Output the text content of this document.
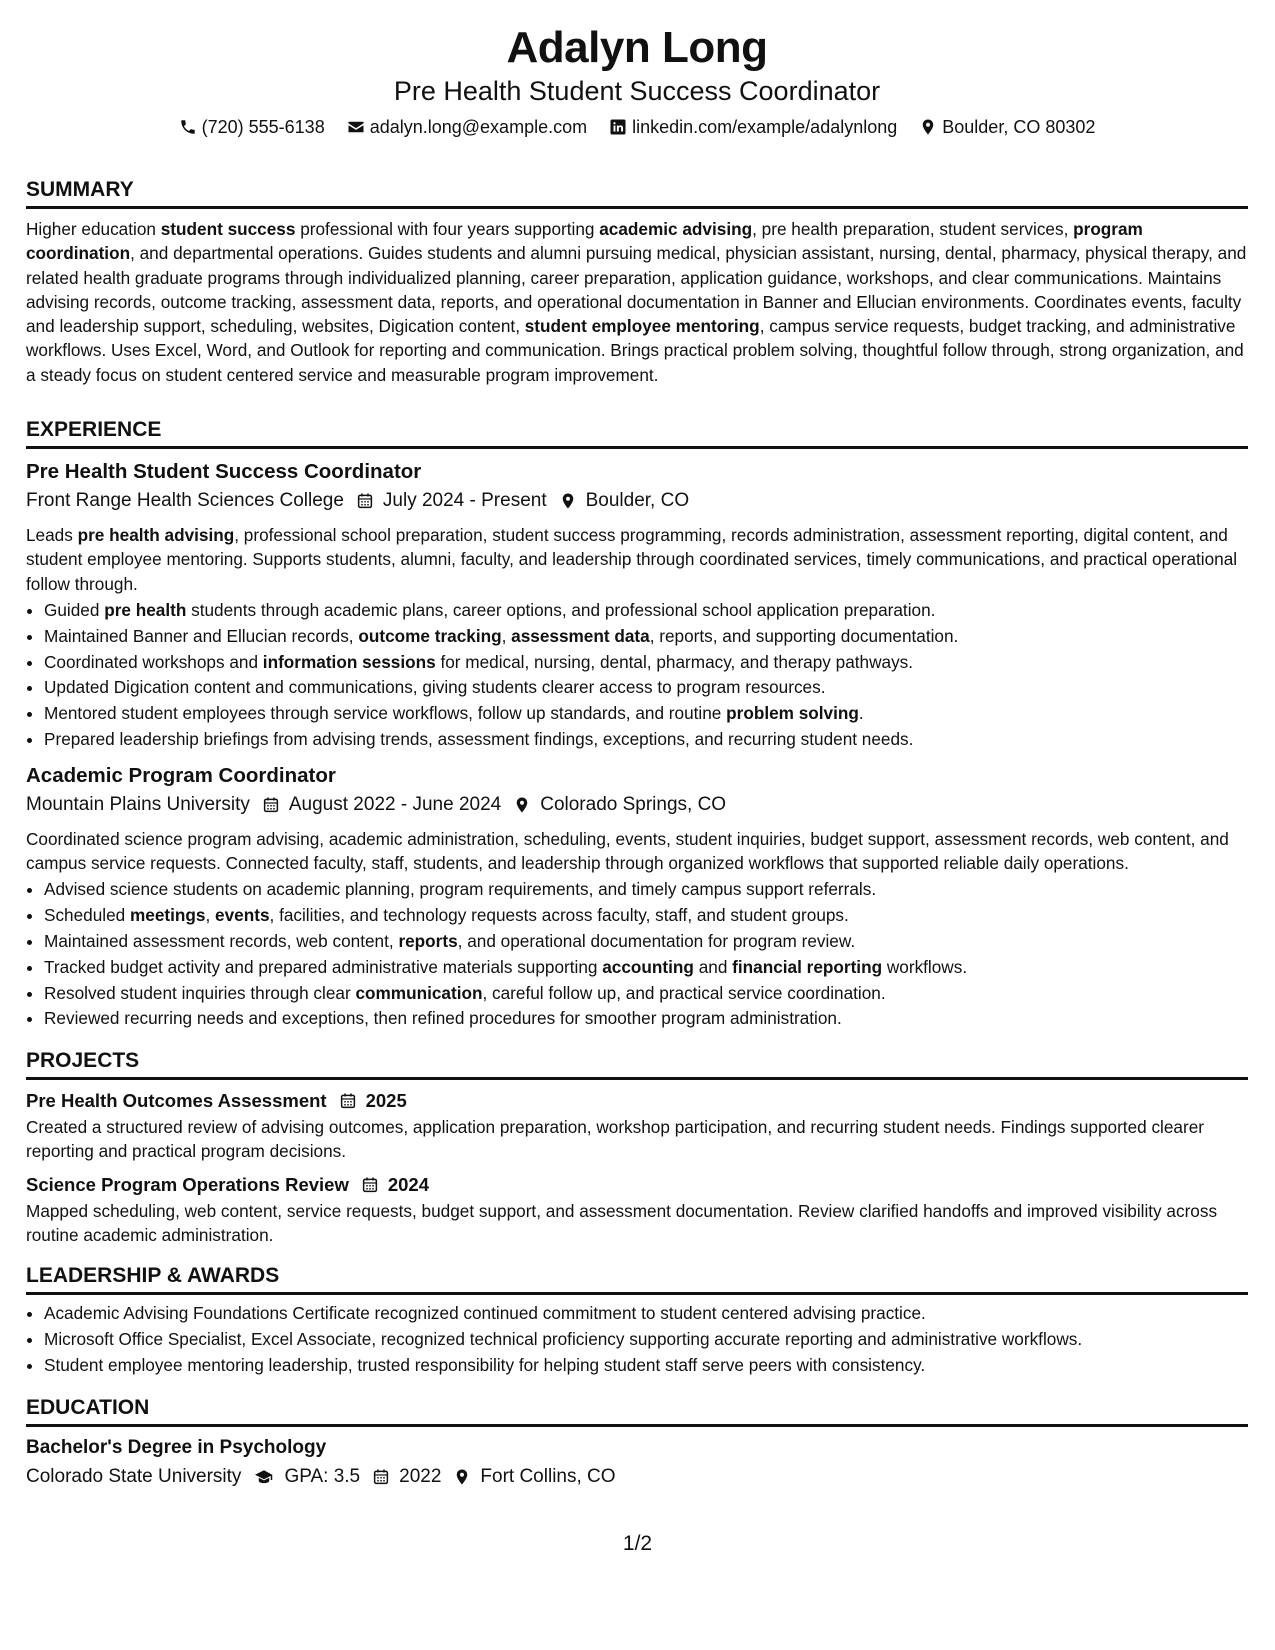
Adalyn Long
Pre Health Student Success Coordinator
(720) 555-6138	adalyn.long@example.com	linkedin.com/example/adalynlong	Boulder, CO 80302
SUMMARY

Higher education student success professional with four years supporting academic advising, pre health preparation, student services, program coordination, and departmental operations. Guides students and alumni pursuing medical, physician assistant, nursing, dental, pharmacy, physical therapy, and related health graduate programs through individualized planning, career preparation, application guidance, workshops, and clear communications. Maintains advising records, outcome tracking, assessment data, reports, and operational documentation in Banner and Ellucian environments. Coordinates events, faculty and leadership support, scheduling, websites, Digication content, student employee mentoring, campus service requests, budget tracking, and administrative workflows. Uses Excel, Word, and Outlook for reporting and communication. Brings practical problem solving, thoughtful follow through, strong organization, and a steady focus on student centered service and measurable program improvement.

EXPERIENCE
Pre Health Student Success Coordinator
Front Range Health Sciences College July 2024 - Present Boulder, CO

Leads pre health advising, professional school preparation, student success programming, records administration, assessment reporting, digital content, and student employee mentoring. Supports students, alumni, faculty, and leadership through coordinated services, timely communications, and practical operational follow through.

• Guided pre health students through academic plans, career options, and professional school application preparation.
• Maintained Banner and Ellucian records, outcome tracking, assessment data, reports, and supporting documentation.
• Coordinated workshops and information sessions for medical, nursing, dental, pharmacy, and therapy pathways.
• Updated Digication content and communications, giving students clearer access to program resources.
• Mentored student employees through service workflows, follow up standards, and routine problem solving.
• Prepared leadership briefings from advising trends, assessment findings, exceptions, and recurring student needs.
Academic Program Coordinator
Mountain Plains University August 2022 - June 2024 Colorado Springs, CO

Coordinated science program advising, academic administration, scheduling, events, student inquiries, budget support, assessment records, web content, and campus service requests. Connected faculty, staff, students, and leadership through organized workflows that supported reliable daily operations.

• Advised science students on academic planning, program requirements, and timely campus support referrals.
• Scheduled meetings, events, facilities, and technology requests across faculty, staff, and student groups.
• Maintained assessment records, web content, reports, and operational documentation for program review.
• Tracked budget activity and prepared administrative materials supporting accounting and financial reporting workflows.
• Resolved student inquiries through clear communication, careful follow up, and practical service coordination.
• Reviewed recurring needs and exceptions, then refined procedures for smoother program administration.
PROJECTS
Pre Health Outcomes Assessment 2025

Created a structured review of advising outcomes, application preparation, workshop participation, and recurring student needs. Findings supported clearer reporting and practical program decisions.

Science Program Operations Review 2024

Mapped scheduling, web content, service requests, budget support, and assessment documentation. Review clarified handoffs and improved visibility across routine academic administration.

LEADERSHIP & AWARDS
• Academic Advising Foundations Certificate recognized continued commitment to student centered advising practice.
• Microsoft Office Specialist, Excel Associate, recognized technical proficiency supporting accurate reporting and administrative workflows.
• Student employee mentoring leadership, trusted responsibility for helping student staff serve peers with consistency.
EDUCATION
Bachelor's Degree in Psychology
Colorado State University GPA: 3.5 2022 Fort Collins, CO
1/2
